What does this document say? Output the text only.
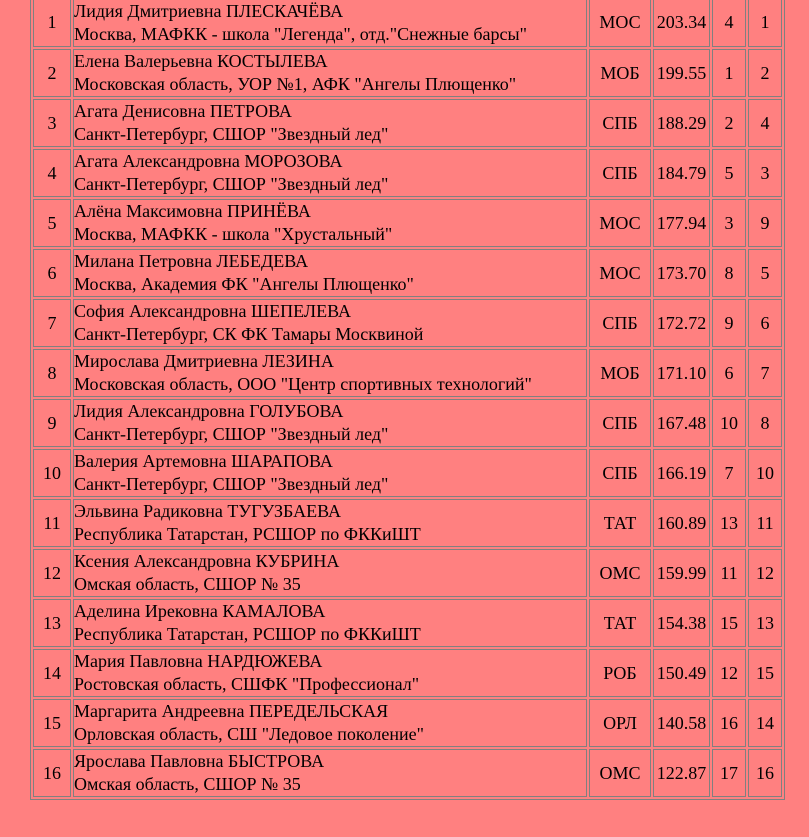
1	Лидия Дмитриевна ПЛЕСКАЧЁВА
Москва, МАФКК - школа "Легенда", отд."Снежные барсы"	МОС	203.34	4	1
2	Елена Валерьевна КОСТЫЛЕВА
Московская область, УОР №1, АФК "Ангелы Плющенко"	МОБ	199.55	1	2
3	Агата Денисовна ПЕТРОВА
Санкт-Петербург, СШОР "Звездный лед"	СПБ	188.29	2	4
4	Агата Александровна МОРОЗОВА
Санкт-Петербург, СШОР "Звездный лед"	СПБ	184.79	5	3
5	Алёна Максимовна ПРИНЁВА
Москва, МАФКК - школа "Хрустальный"	МОС	177.94	3	9
6	Милана Петровна ЛЕБЕДЕВА
Москва, Академия ФК "Ангелы Плющенко"	МОС	173.70	8	5
7	София Александровна ШЕПЕЛЕВА
Санкт-Петербург, СК ФК Тамары Москвиной	СПБ	172.72	9	6
8	Мирослава Дмитриевна ЛЕЗИНА
Московская область, ООО "Центр спортивных технологий"	МОБ	171.10	6	7
9	Лидия Александровна ГОЛУБОВА
Санкт-Петербург, СШОР "Звездный лед"	СПБ	167.48	10	8
10	Валерия Артемовна ШАРАПОВА
Санкт-Петербург, СШОР "Звездный лед"	СПБ	166.19	7	10
11	Эльвина Радиковна ТУГУЗБАЕВА
Республика Татарстан, РСШОР по ФККиШТ	ТАТ	160.89	13	11
12	Ксения Александровна КУБРИНА
Омская область, СШОР № 35	ОМС	159.99	11	12
13	Аделина Ирековна КАМАЛОВА
Республика Татарстан, РСШОР по ФККиШТ	ТАТ	154.38	15	13
14	Мария Павловна НАРДЮЖЕВА
Ростовская область, СШФК "Профессионал"	РОБ	150.49	12	15
15	Маргарита Андреевна ПЕРЕДЕЛЬСКАЯ
Орловская область, СШ "Ледовое поколение"	ОРЛ	140.58	16	14
16	Ярослава Павловна БЫСТРОВА
Омская область, СШОР № 35	ОМС	122.87	17	16
